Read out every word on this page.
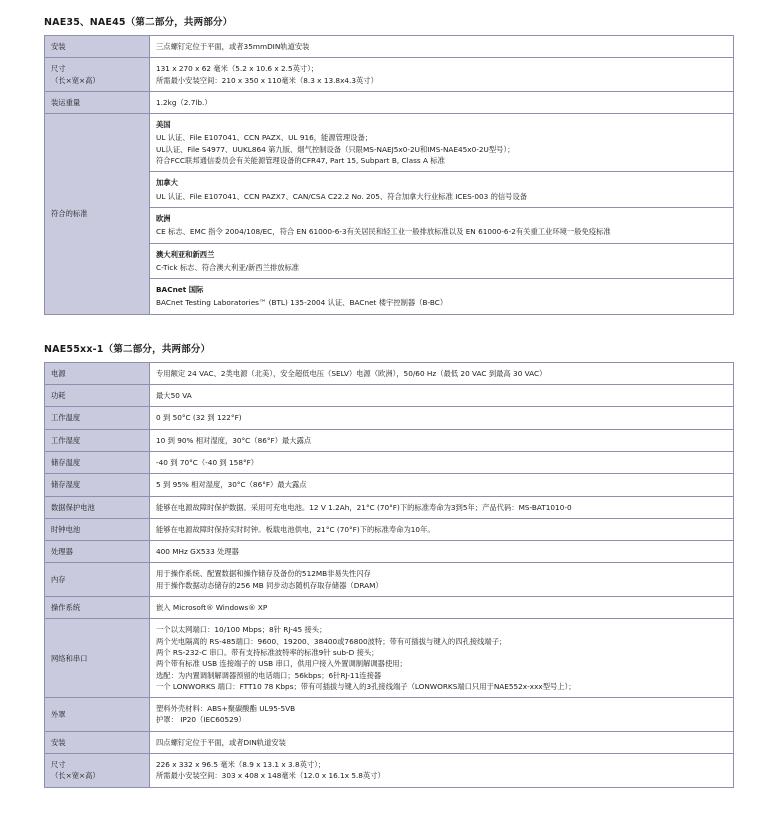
NAE35、NAE45（第二部分，共两部分）
安装	三点螺钉定位于平面，或者35mmDIN轨道安装

尺寸
（长×宽×高）	131 x 270 x 62 毫米（5.2 x 10.6 x 2.5英寸）；
所需最小安装空间：210 x 350 x 110毫米（8.3 x 13.8x4.3英寸）

装运重量	1.2kg（2.7lb.）

符合的标准	美国
UL 认证、File E107041、CCN PAZX、UL 916，能源管理设备；
UL认证、File S4977、UUKL864 第九版、烟气控制设备（只限MS-NAEJ5x0-2U和IMS-NAE45x0-2U型号）；
符合FCC联邦通信委员会有关能源管理设备的CFR47, Part 15, Subpart B, Class A 标准

	加拿大
UL 认证、File E107041、CCN PAZX7、CAN/CSA C22.2 No. 205、符合加拿大行业标准 ICES-003 的信号设备

	欧洲
CE 标志、EMC 指令 2004/108/EC，符合 EN 61000-6-3有关居民和轻工业一般排放标准以及 EN 61000-6-2有关重工业环境一般免疫标准

	澳大利亚和新西兰
C-Tick 标志、符合澳大利亚/新西兰排放标准

	BACnet 国际
BACnet Testing Laboratories™ (BTL) 135-2004 认证、BACnet 楼宇控制器（B-BC）
NAE55xx-1（第二部分，共两部分）
电源	专用额定 24 VAC、2类电源（北美），安全超低电压（SELV）电源（欧洲），50/60 Hz（最低 20 VAC 到最高 30 VAC）

功耗	最大50 VA

工作温度	0 到 50°C (32 到 122°F)

工作湿度	10 到 90% 相对湿度，30°C（86°F）最大露点

储存温度	-40 到 70°C（-40 到 158°F）

储存湿度	5 到 95% 相对湿度，30°C（86°F）最大露点

数据保护电池	能够在电源故障时保护数据。采用可充电电池。12 V 1.2Ah，21°C (70°F)下的标准寿命为3到5年；产品代码：MS-BAT1010-0

时钟电池	能够在电源故障时保持实时时钟。板载电池供电，21°C (70°F)下的标准寿命为10年。

处理器	400 MHz GX533 处理器

内存	用于操作系统、配置数据和操作储存及备份的512MB非易失性闪存
用于操作数据动态储存的256 MB 同步动态随机存取存储器（DRAM）

操作系统	嵌入 Microsoft® Windows® XP

网络和串口	
一个以太网端口：10/100 Mbps；8针 RJ-45 接头；
两个光电隔离的 RS-485端口：9600、19200、38400或76800波特；带有可插拔与键入的四孔接线端子；
两个 RS-232-C 串口。带有支持标准波特率的标准9针 sub-D 接头；
两个带有标准 USB 连接端子的 USB 串口，供用户接入外置调制解调器使用；
选配：为内置调制解调器预留的电话端口；56kbps；6针RJ-11连接器
一个 LONWORKS 端口：FTT10 78 Kbps；带有可插拔与键入的3孔接线端子（LONWORKS端口只用于NAE552x-xxx型号上）；

外罩	塑料外壳材料：ABS+聚碳酸酯 UL95-5VB
护罩： IP20（IEC60529）

安装	四点螺钉定位于平面，或者DIN轨道安装

尺寸
（长×宽×高）	226 x 332 x 96.5 毫米（8.9 x 13.1 x 3.8英寸）；
所需最小安装空间：303 x 408 x 148毫米（12.0 x 16.1x 5.8英寸）
